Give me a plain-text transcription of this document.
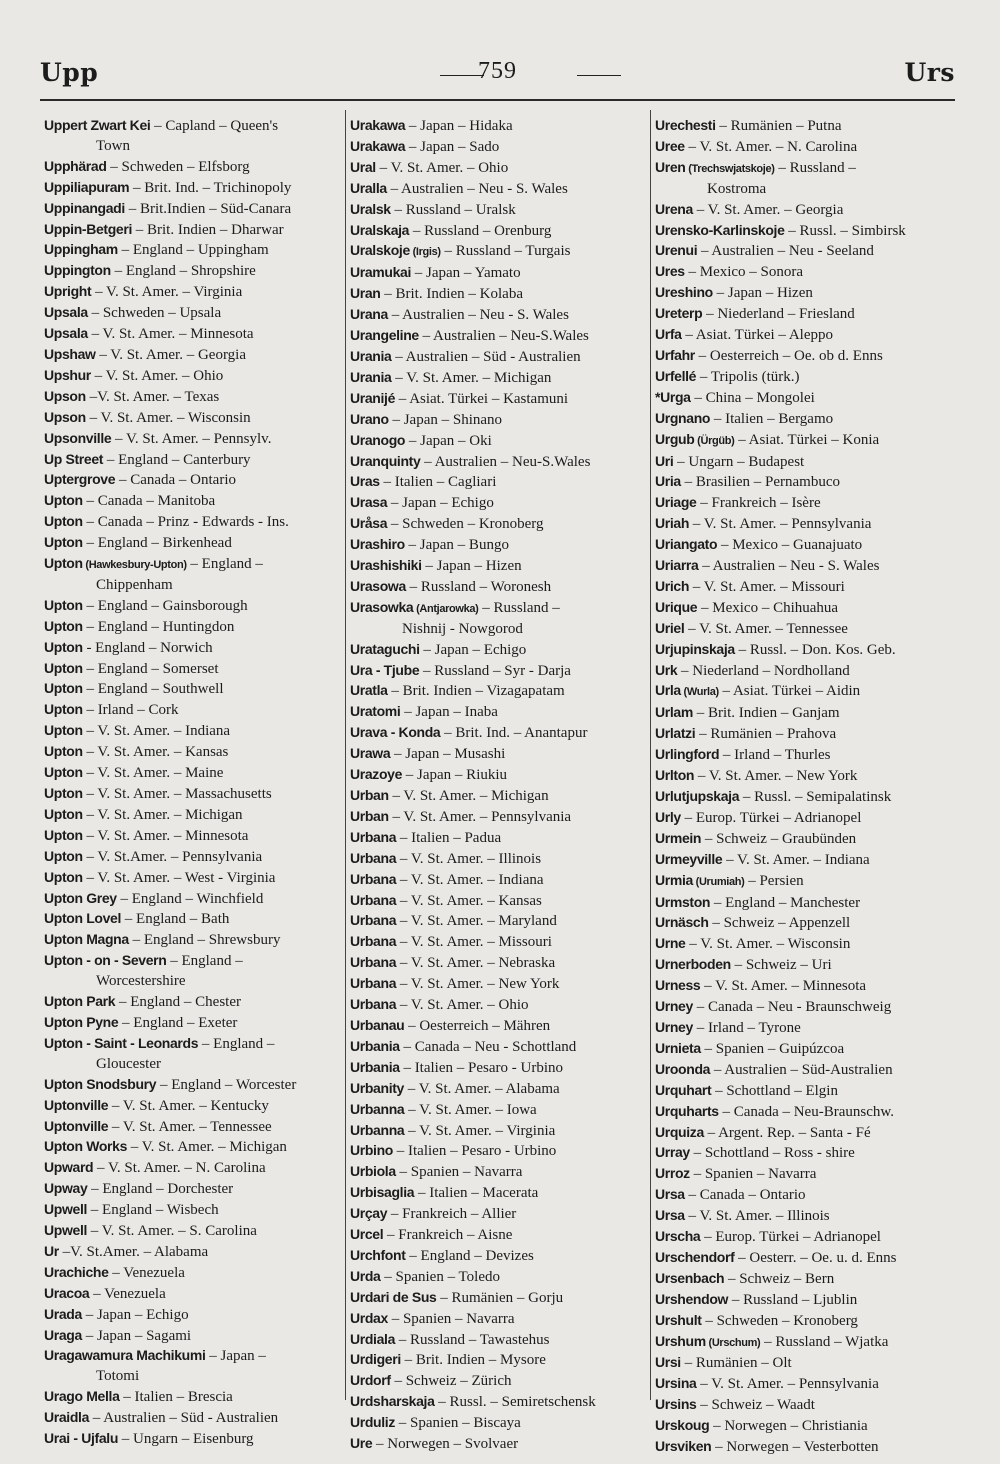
Upp	759	Urs
Uppert Zwart Kei – Capland – Queen's
Town
Upphärad – Schweden – Elfsborg
Uppiliapuram – Brit. Ind. – Trichinopoly
Uppinangadi – Brit.Indien – Süd-Canara
Uppin-Betgeri – Brit. Indien – Dharwar
Uppingham – England – Uppingham
Uppington – England – Shropshire
Upright – V. St. Amer. – Virginia
Upsala – Schweden – Upsala
Upsala – V. St. Amer. – Minnesota
Upshaw – V. St. Amer. – Georgia
Upshur – V. St. Amer. – Ohio
Upson –V. St. Amer. – Texas
Upson – V. St. Amer. – Wisconsin
Upsonville – V. St. Amer. – Pennsylv.
Up Street – England – Canterbury
Uptergrove – Canada – Ontario
Upton – Canada – Manitoba
Upton – Canada – Prinz - Edwards - Ins.
Upton – England – Birkenhead
Upton (Hawkesbury-Upton) – England –
Chippenham
Upton – England – Gainsborough
Upton – England – Huntingdon
Upton - England – Norwich
Upton – England – Somerset
Upton – England – Southwell
Upton – Irland – Cork
Upton – V. St. Amer. – Indiana
Upton – V. St. Amer. – Kansas
Upton – V. St. Amer. – Maine
Upton – V. St. Amer. – Massachusetts
Upton – V. St. Amer. – Michigan
Upton – V. St. Amer. – Minnesota
Upton – V. St.Amer. – Pennsylvania
Upton – V. St. Amer. – West - Virginia
Upton Grey – England – Winchfield
Upton Lovel – England – Bath
Upton Magna – England – Shrewsbury
Upton - on - Severn – England –
Worcestershire
Upton Park – England – Chester
Upton Pyne – England – Exeter
Upton - Saint - Leonards – England –
Gloucester
Upton Snodsbury – England – Worcester
Uptonville – V. St. Amer. – Kentucky
Uptonville – V. St. Amer. – Tennessee
Upton Works – V. St. Amer. – Michigan
Upward – V. St. Amer. – N. Carolina
Upway – England – Dorchester
Upwell – England – Wisbech
Upwell – V. St. Amer. – S. Carolina
Ur –V. St.Amer. – Alabama
Urachiche – Venezuela
Uracoa – Venezuela
Urada – Japan – Echigo
Uraga – Japan – Sagami
Uragawamura Machikumi – Japan –
Totomi
Urago Mella – Italien – Brescia
Uraidla – Australien – Süd - Australien
Urai - Ujfalu – Ungarn – Eisenburg
Urakawa – Japan – Hidaka
Urakawa – Japan – Sado
Ural – V. St. Amer. – Ohio
Uralla – Australien – Neu - S. Wales
Uralsk – Russland – Uralsk
Uralskaja – Russland – Orenburg
Uralskoje (Irgis) – Russland – Turgais
Uramukai – Japan – Yamato
Uran – Brit. Indien – Kolaba
Urana – Australien – Neu - S. Wales
Urangeline – Australien – Neu-S.Wales
Urania – Australien – Süd - Australien
Urania – V. St. Amer. – Michigan
Uranijé – Asiat. Türkei – Kastamuni
Urano – Japan – Shinano
Uranogo – Japan – Oki
Uranquinty – Australien – Neu-S.Wales
Uras – Italien – Cagliari
Urasa – Japan – Echigo
Uråsa – Schweden – Kronoberg
Urashiro – Japan – Bungo
Urashishiki – Japan – Hizen
Urasowa – Russland – Woronesh
Urasowka (Antjarowka) – Russland –
Nishnij - Nowgorod
Urataguchi – Japan – Echigo
Ura - Tjube – Russland – Syr - Darja
Uratla – Brit. Indien – Vizagapatam
Uratomi – Japan – Inaba
Urava - Konda – Brit. Ind. – Anantapur
Urawa – Japan – Musashi
Urazoye – Japan – Riukiu
Urban – V. St. Amer. – Michigan
Urban – V. St. Amer. – Pennsylvania
Urbana – Italien – Padua
Urbana – V. St. Amer. – Illinois
Urbana – V. St. Amer. – Indiana
Urbana – V. St. Amer. – Kansas
Urbana – V. St. Amer. – Maryland
Urbana – V. St. Amer. – Missouri
Urbana – V. St. Amer. – Nebraska
Urbana – V. St. Amer. – New York
Urbana – V. St. Amer. – Ohio
Urbanau – Oesterreich – Mähren
Urbania – Canada – Neu - Schottland
Urbania – Italien – Pesaro - Urbino
Urbanity – V. St. Amer. – Alabama
Urbanna – V. St. Amer. – Iowa
Urbanna – V. St. Amer. – Virginia
Urbino – Italien – Pesaro - Urbino
Urbiola – Spanien – Navarra
Urbisaglia – Italien – Macerata
Urçay – Frankreich – Allier
Urcel – Frankreich – Aisne
Urchfont – England – Devizes
Urda – Spanien – Toledo
Urdari de Sus – Rumänien – Gorju
Urdax – Spanien – Navarra
Urdiala – Russland – Tawastehus
Urdigeri – Brit. Indien – Mysore
Urdorf – Schweiz – Zürich
Urdsharskaja – Russl. – Semiretschensk
Urduliz – Spanien – Biscaya
Ure – Norwegen – Svolvaer
Urechesti – Rumänien – Putna
Uree – V. St. Amer. – N. Carolina
Uren (Trechswjatskoje) – Russland –
Kostroma
Urena – V. St. Amer. – Georgia
Urensko-Karlinskoje – Russl. – Simbirsk
Urenui – Australien – Neu - Seeland
Ures – Mexico – Sonora
Ureshino – Japan – Hizen
Ureterp – Niederland – Friesland
Urfa – Asiat. Türkei – Aleppo
Urfahr – Oesterreich – Oe. ob d. Enns
Urfellé – Tripolis (türk.)
*Urga – China – Mongolei
Urgnano – Italien – Bergamo
Urgub (Ürgüb) – Asiat. Türkei – Konia
Uri – Ungarn – Budapest
Uria – Brasilien – Pernambuco
Uriage – Frankreich – Isère
Uriah – V. St. Amer. – Pennsylvania
Uriangato – Mexico – Guanajuato
Uriarra – Australien – Neu - S. Wales
Urich – V. St. Amer. – Missouri
Urique – Mexico – Chihuahua
Uriel – V. St. Amer. – Tennessee
Urjupinskaja – Russl. – Don. Kos. Geb.
Urk – Niederland – Nordholland
Urla (Wurla) – Asiat. Türkei – Aidin
Urlam – Brit. Indien – Ganjam
Urlatzi – Rumänien – Prahova
Urlingford – Irland – Thurles
Urlton – V. St. Amer. – New York
Urlutjupskaja – Russl. – Semipalatinsk
Urly – Europ. Türkei – Adrianopel
Urmein – Schweiz – Graubünden
Urmeyville – V. St. Amer. – Indiana
Urmia (Urumiah) – Persien
Urmston – England – Manchester
Urnäsch – Schweiz – Appenzell
Urne – V. St. Amer. – Wisconsin
Urnerboden – Schweiz – Uri
Urness – V. St. Amer. – Minnesota
Urney – Canada – Neu - Braunschweig
Urney – Irland – Tyrone
Urnieta – Spanien – Guipúzcoa
Uroonda – Australien – Süd-Australien
Urquhart – Schottland – Elgin
Urquharts – Canada – Neu-Braunschw.
Urquiza – Argent. Rep. – Santa - Fé
Urray – Schottland – Ross - shire
Urroz – Spanien – Navarra
Ursa – Canada – Ontario
Ursa – V. St. Amer. – Illinois
Urscha – Europ. Türkei – Adrianopel
Urschendorf – Oesterr. – Oe. u. d. Enns
Ursenbach – Schweiz – Bern
Urshendow – Russland – Ljublin
Urshult – Schweden – Kronoberg
Urshum (Urschum) – Russland – Wjatka
Ursi – Rumänien – Olt
Ursina – V. St. Amer. – Pennsylvania
Ursins – Schweiz – Waadt
Urskoug – Norwegen – Christiania
Ursviken – Norwegen – Vesterbotten
